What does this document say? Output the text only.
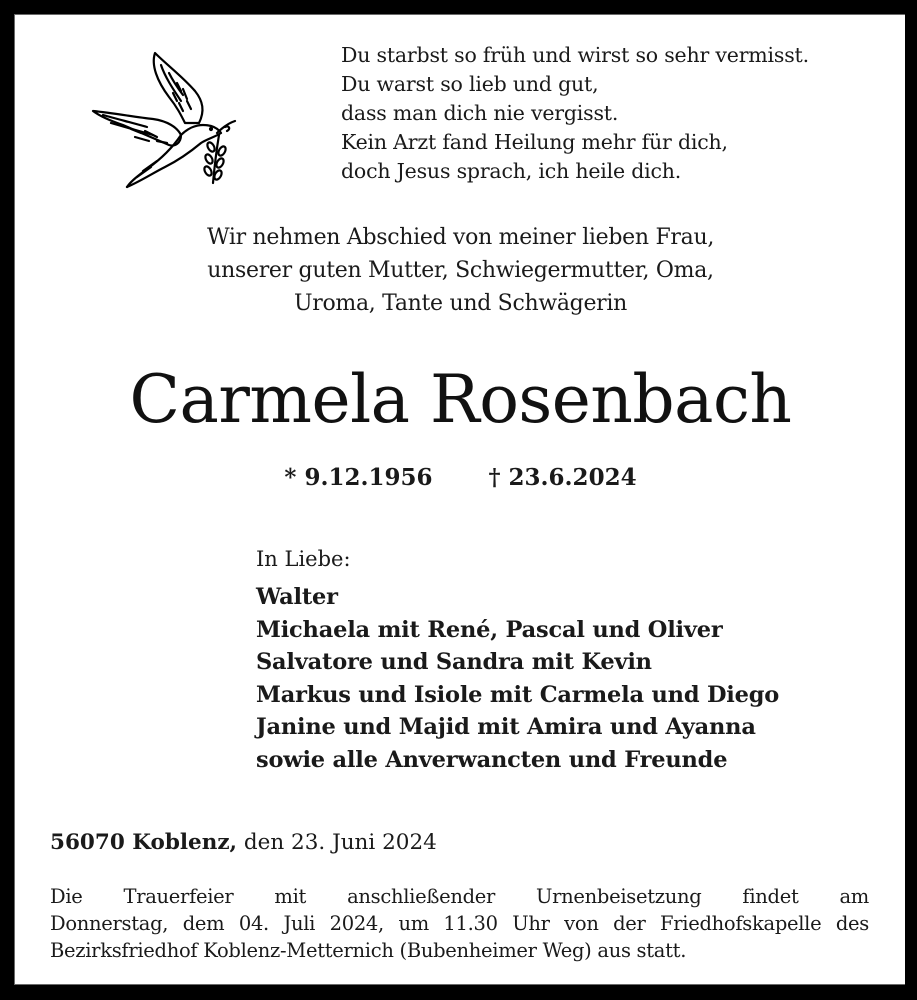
Du starbst so früh und wirst so sehr vermisst.
Du warst so lieb und gut,
dass man dich nie vergisst.
Kein Arzt fand Heilung mehr für dich,
doch Jesus sprach, ich heile dich.
Wir nehmen Abschied von meiner lieben Frau,
unserer guten Mutter, Schwiegermutter, Oma,
Uroma, Tante und Schwägerin
Carmela Rosenbach
* 9.12.1956 † 23.6.2024
In Liebe:
Walter
Michaela mit René, Pascal und Oliver
Salvatore und Sandra mit Kevin
Markus und Isiole mit Carmela und Diego
Janine und Majid mit Amira und Ayanna
sowie alle Anverwancten und Freunde
56070 Koblenz, den 23. Juni 2024
Die Trauerfeier mit anschließender Urnenbeisetzung findet am
Donnerstag, dem 04. Juli 2024, um 11.30 Uhr von der Friedhofskapelle des Bezirksfriedhof Koblenz-Metternich (Bubenheimer Weg) aus statt.
